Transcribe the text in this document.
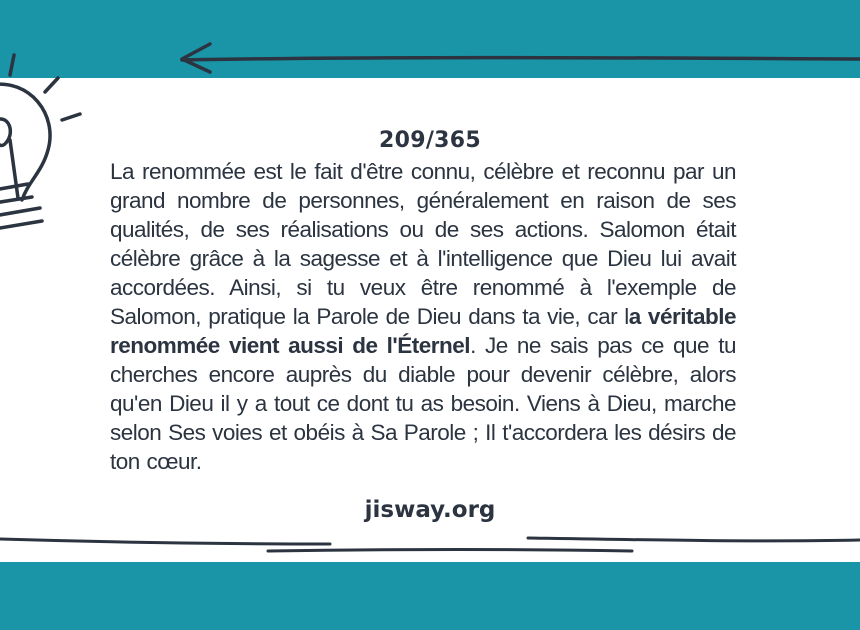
209/365
La renommée est le fait d'être connu, célèbre et reconnu par un grand nombre de personnes, généralement en raison de ses qualités, de ses réalisations ou de ses actions. Salomon était célèbre grâce à la sagesse et à l'intelligence que Dieu lui avait accordées. Ainsi, si tu veux être renommé à l'exemple de Salomon, pratique la Parole de Dieu dans ta vie, car la véritable renommée vient aussi de l'Éternel. Je ne sais pas ce que tu cherches encore auprès du diable pour devenir célèbre, alors qu'en Dieu il y a tout ce dont tu as besoin. Viens à Dieu, marche selon Ses voies et obéis à Sa Parole ; Il t'accordera les désirs de ton cœur.
jisway.org
